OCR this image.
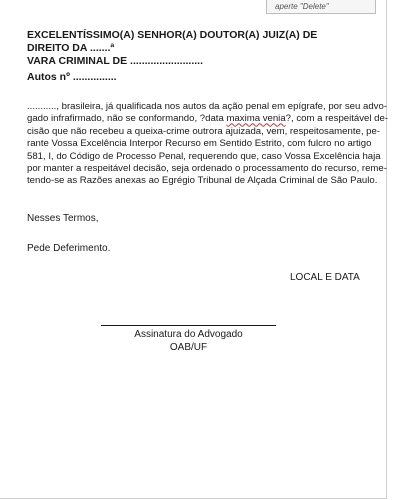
aperte "Delete"

EXCELENTÍSSIMO(A) SENHOR(A) DOUTOR(A) JUIZ(A) DE DIREITO DA .......ª
VARA CRIMINAL DE .........................

Autos nº ...............

..........., brasileira, já qualificada nos autos da ação penal em epígrafe, por seu advo-
gado infrafirmado, não se conformando, ?data maxima venia?, com a respeitável de-
cisão que não recebeu a queixa-crime outrora ajuizada, vem, respeitosamente, pe-
rante Vossa Excelência Interpor Recurso em Sentido Estrito, com fulcro no artigo
581, I, do Código de Processo Penal, requerendo que, caso Vossa Excelência haja
por manter a respeitável decisão, seja ordenado o processamento do recurso, reme-
tendo-se as Razões anexas ao Egrégio Tribunal de Alçada Criminal de São Paulo.

Nesses Termos,

Pede Deferimento.

LOCAL E DATA

Assinatura do Advogado

OAB/UF
